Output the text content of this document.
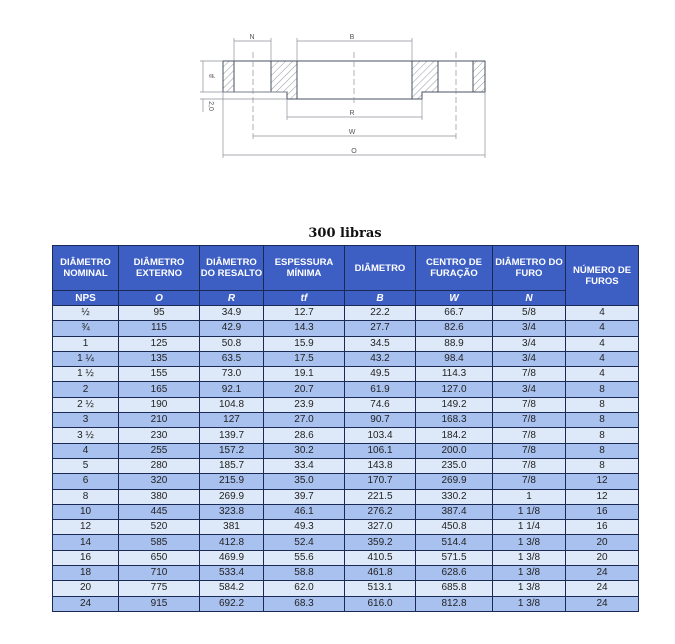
N	B
R
W
O
tf
2,0
300 libras
DIÂMETRO NOMINAL	DIÂMETRO EXTERNO	DIÂMETRO DO RESALTO	ESPESSURA MÍNIMA	DIÂMETRO	CENTRO DE FURAÇÃO	DIÂMETRO DO FURO	NÚMERO DE FUROS
NPS	O	R	tf	B	W	N	
½	95	34.9	12.7	22.2	66.7	5/8	4
¾	115	42.9	14.3	27.7	82.6	3/4	4
1	125	50.8	15.9	34.5	88.9	3/4	4
1 ¼	135	63.5	17.5	43.2	98.4	3/4	4
1 ½	155	73.0	19.1	49.5	114.3	7/8	4
2	165	92.1	20.7	61.9	127.0	3/4	8
2 ½	190	104.8	23.9	74.6	149.2	7/8	8
3	210	127	27.0	90.7	168.3	7/8	8
3 ½	230	139.7	28.6	103.4	184.2	7/8	8
4	255	157.2	30.2	106.1	200.0	7/8	8
5	280	185.7	33.4	143.8	235.0	7/8	8
6	320	215.9	35.0	170.7	269.9	7/8	12
8	380	269.9	39.7	221.5	330.2	1	12
10	445	323.8	46.1	276.2	387.4	1 1/8	16
12	520	381	49.3	327.0	450.8	1 1/4	16
14	585	412.8	52.4	359.2	514.4	1 3/8	20
16	650	469.9	55.6	410.5	571.5	1 3/8	20
18	710	533.4	58.8	461.8	628.6	1 3/8	24
20	775	584.2	62.0	513.1	685.8	1 3/8	24
24	915	692.2	68.3	616.0	812.8	1 3/8	24
